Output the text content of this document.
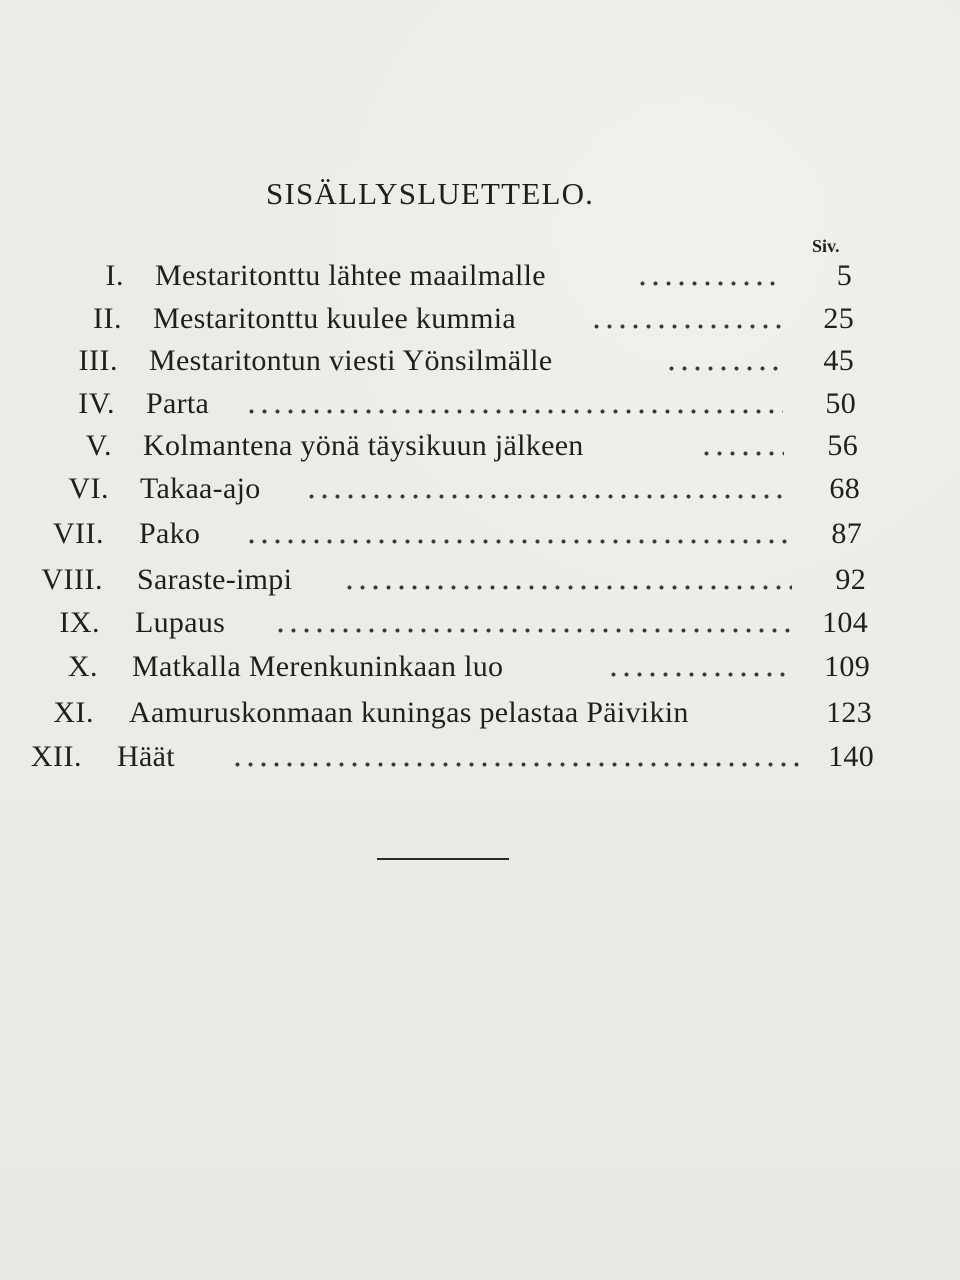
SISÄLLYSLUETTELO.
Siv.
I. Mestaritonttu lähtee maailmalle	5
II. Mestaritonttu kuulee kummia	25
III. Mestaritontun viesti Yönsilmälle	45
IV. Parta	50
V. Kolmantena yönä täysikuun jälkeen	56
VI. Takaa-ajo	68
VII. Pako	87
VIII. Saraste-impi	92
IX. Lupaus	104
X. Matkalla Merenkuninkaan luo	109
XI. Aamuruskonmaan kuningas pelastaa Päivikin	123
XII. Häät	140
